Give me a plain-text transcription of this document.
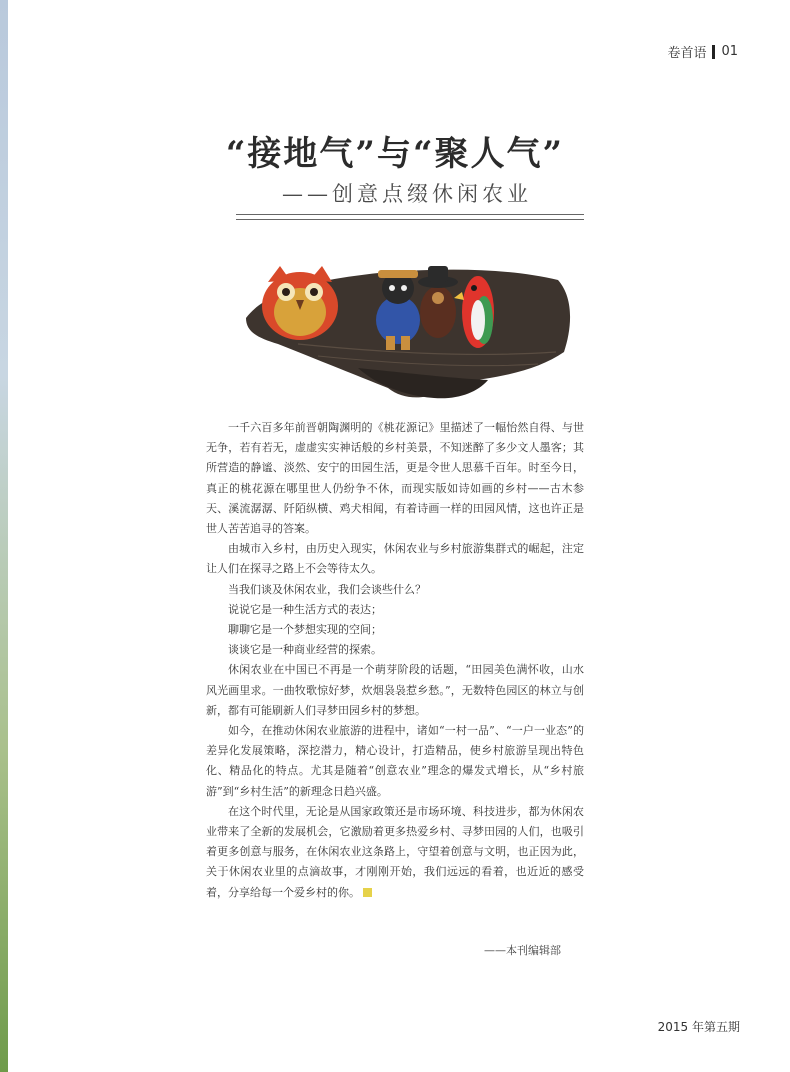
卷首语 01
“接地气”与“聚人气”
——创意点缀休闲农业

一千六百多年前晋朝陶渊明的《桃花源记》里描述了一幅怡然自得、与世无争，若有若无，虚虚实实神话般的乡村美景，不知迷醉了多少文人墨客；其所营造的静谧、淡然、安宁的田园生活，更是令世人思慕千百年。时至今日，真正的桃花源在哪里世人仍纷争不休，而现实版如诗如画的乡村——古木参天、溪流潺潺、阡陌纵横、鸡犬相闻，有着诗画一样的田园风情，这也许正是世人苦苦追寻的答案。

由城市入乡村，由历史入现实，休闲农业与乡村旅游集群式的崛起，注定让人们在探寻之路上不会等待太久。

当我们谈及休闲农业，我们会谈些什么？

说说它是一种生活方式的表达；

聊聊它是一个梦想实现的空间；

谈谈它是一种商业经营的探索。

休闲农业在中国已不再是一个萌芽阶段的话题，“田园美色满怀收，山水风光画里求。一曲牧歌惊好梦，炊烟袅袅惹乡愁。”，无数特色园区的林立与创新，都有可能刷新人们寻梦田园乡村的梦想。

如今，在推动休闲农业旅游的进程中，诸如“一村一品”、“一户一业态”的差异化发展策略，深挖潜力，精心设计，打造精品，使乡村旅游呈现出特色化、精品化的特点。尤其是随着“创意农业”理念的爆发式增长，从“乡村旅游”到“乡村生活”的新理念日趋兴盛。

在这个时代里，无论是从国家政策还是市场环境、科技进步，都为休闲农业带来了全新的发展机会，它激励着更多热爱乡村、寻梦田园的人们，也吸引着更多创意与服务，在休闲农业这条路上，守望着创意与文明，也正因为此，关于休闲农业里的点滴故事，才刚刚开始，我们远远的看着，也近近的感受着，分享给每一个爱乡村的你。

——本刊编辑部
2015 年第五期
